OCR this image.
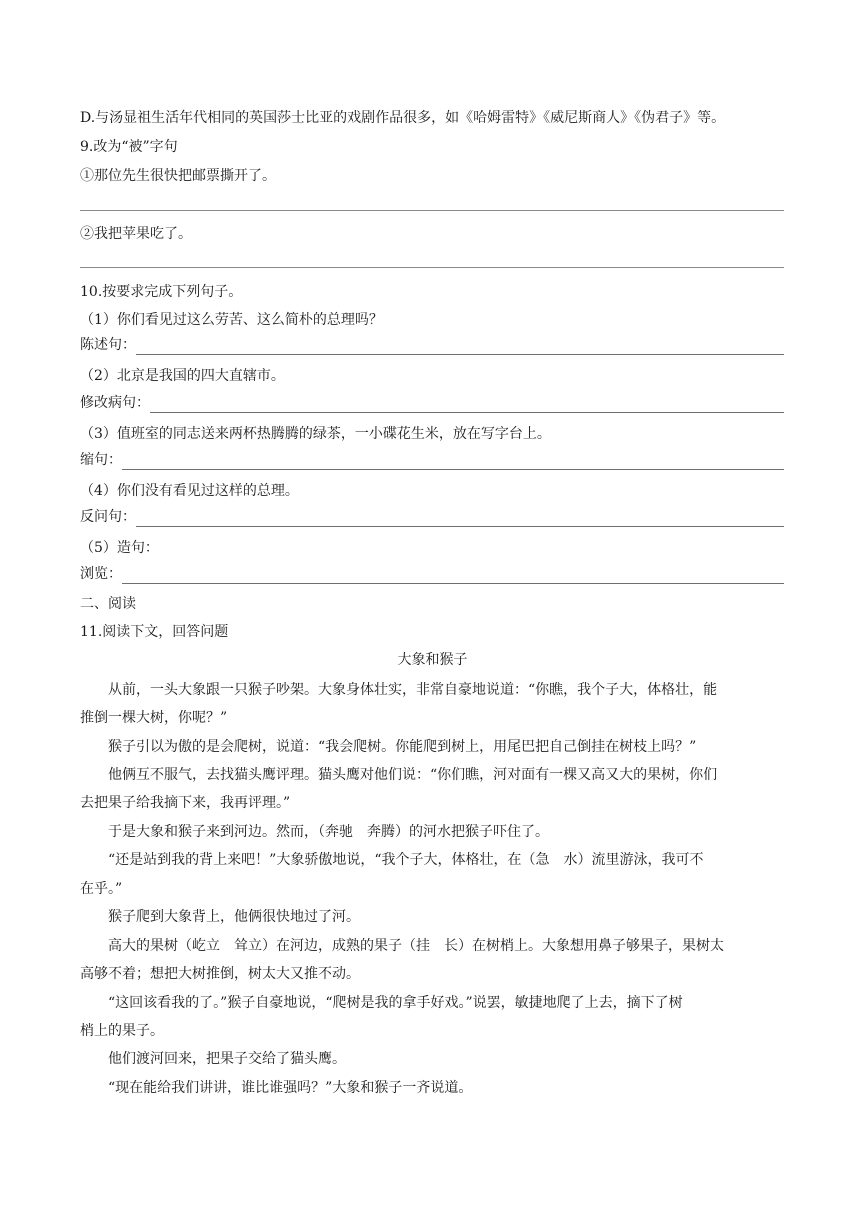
D.与汤显祖生活年代相同的英国莎士比亚的戏剧作品很多，如《哈姆雷特》《威尼斯商人》《伪君子》等。
9.改为“被”字句
①那位先生很快把邮票撕开了。
②我把苹果吃了。
10.按要求完成下列句子。
（1）你们看见过这么劳苦、这么简朴的总理吗？
陈述句：
（2）北京是我国的四大直辖市。
修改病句：
（3）值班室的同志送来两杯热腾腾的绿茶，一小碟花生米，放在写字台上。
缩句：
（4）你们没有看见过这样的总理。
反问句：
（5）造句：
浏览：
二、阅读
11.阅读下文，回答问题
大象和猴子
从前，一头大象跟一只猴子吵架。大象身体壮实，非常自豪地说道：“你瞧，我个子大，体格壮，能
推倒一棵大树，你呢？”
猴子引以为傲的是会爬树，说道：“我会爬树。你能爬到树上，用尾巴把自己倒挂在树枝上吗？”
他俩互不服气，去找猫头鹰评理。猫头鹰对他们说：“你们瞧，河对面有一棵又高又大的果树，你们
去把果子给我摘下来，我再评理。”
于是大象和猴子来到河边。然而，（奔驰　奔腾）的河水把猴子吓住了。
“还是站到我的背上来吧！”大象骄傲地说，“我个子大，体格壮，在（急　水）流里游泳，我可不
在乎。”
猴子爬到大象背上，他俩很快地过了河。
高大的果树（屹立　耸立）在河边，成熟的果子（挂　长）在树梢上。大象想用鼻子够果子，果树太
高够不着；想把大树推倒，树太大又推不动。
“这回该看我的了。”猴子自豪地说，“爬树是我的拿手好戏。”说罢，敏捷地爬了上去，摘下了树
梢上的果子。
他们渡河回来，把果子交给了猫头鹰。
“现在能给我们讲讲，谁比谁强吗？”大象和猴子一齐说道。
